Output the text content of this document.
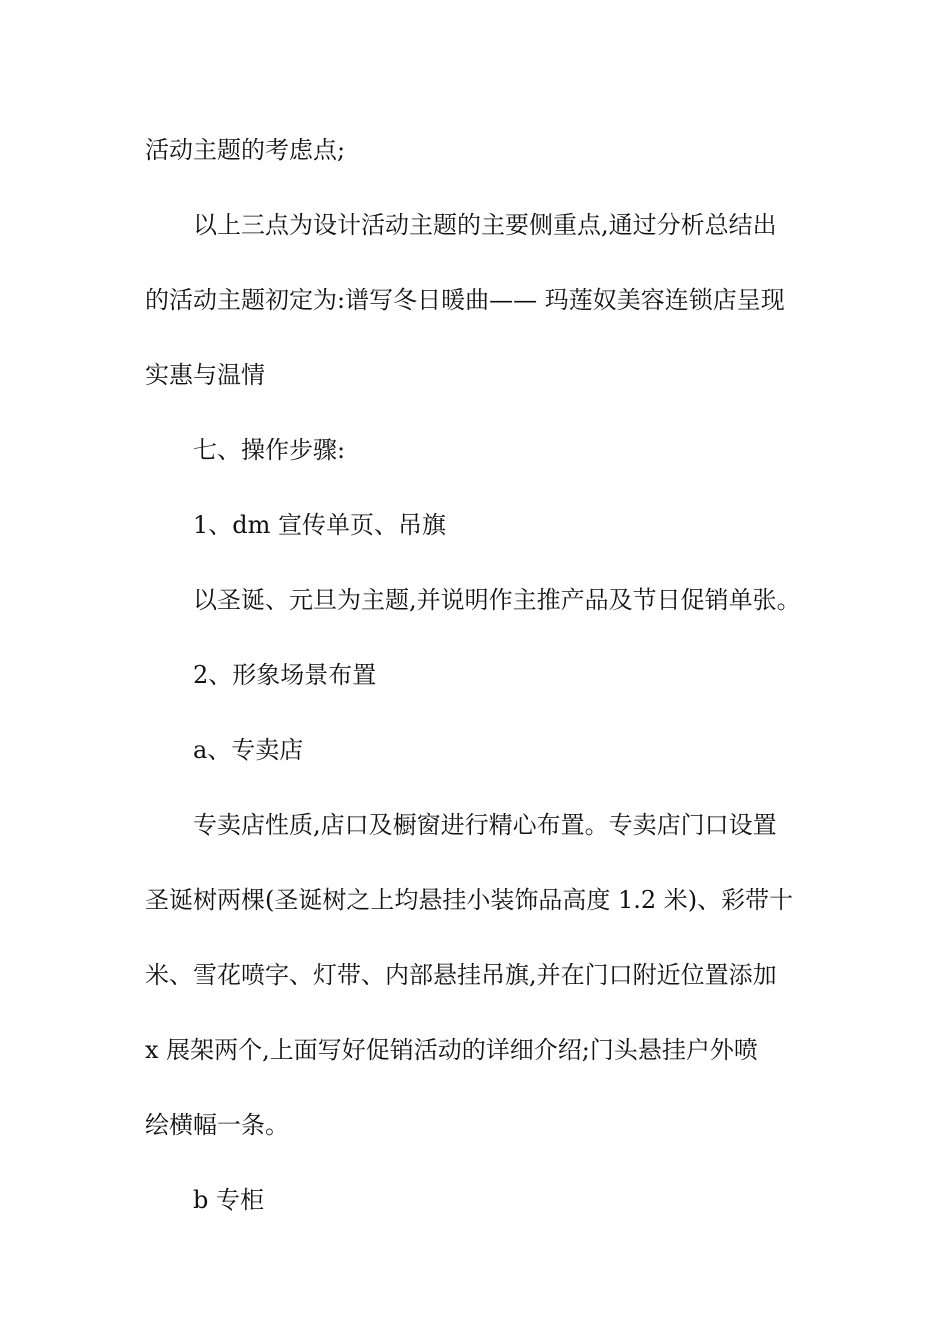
活动主题的考虑点;
以上三点为设计活动主题的主要侧重点,通过分析总结出
的活动主题初定为:谱写冬日暖曲—— 玛莲奴美容连锁店呈现
实惠与温情
七、操作步骤:
1、dm 宣传单页、吊旗
以圣诞、元旦为主题,并说明作主推产品及节日促销单张。
2、形象场景布置
a、专卖店
专卖店性质,店口及橱窗进行精心布置。专卖店门口设置
圣诞树两棵(圣诞树之上均悬挂小装饰品高度 1.2 米)、彩带十
米、雪花喷字、灯带、内部悬挂吊旗,并在门口附近位置添加
x 展架两个,上面写好促销活动的详细介绍;门头悬挂户外喷
绘横幅一条。
b 专柜
